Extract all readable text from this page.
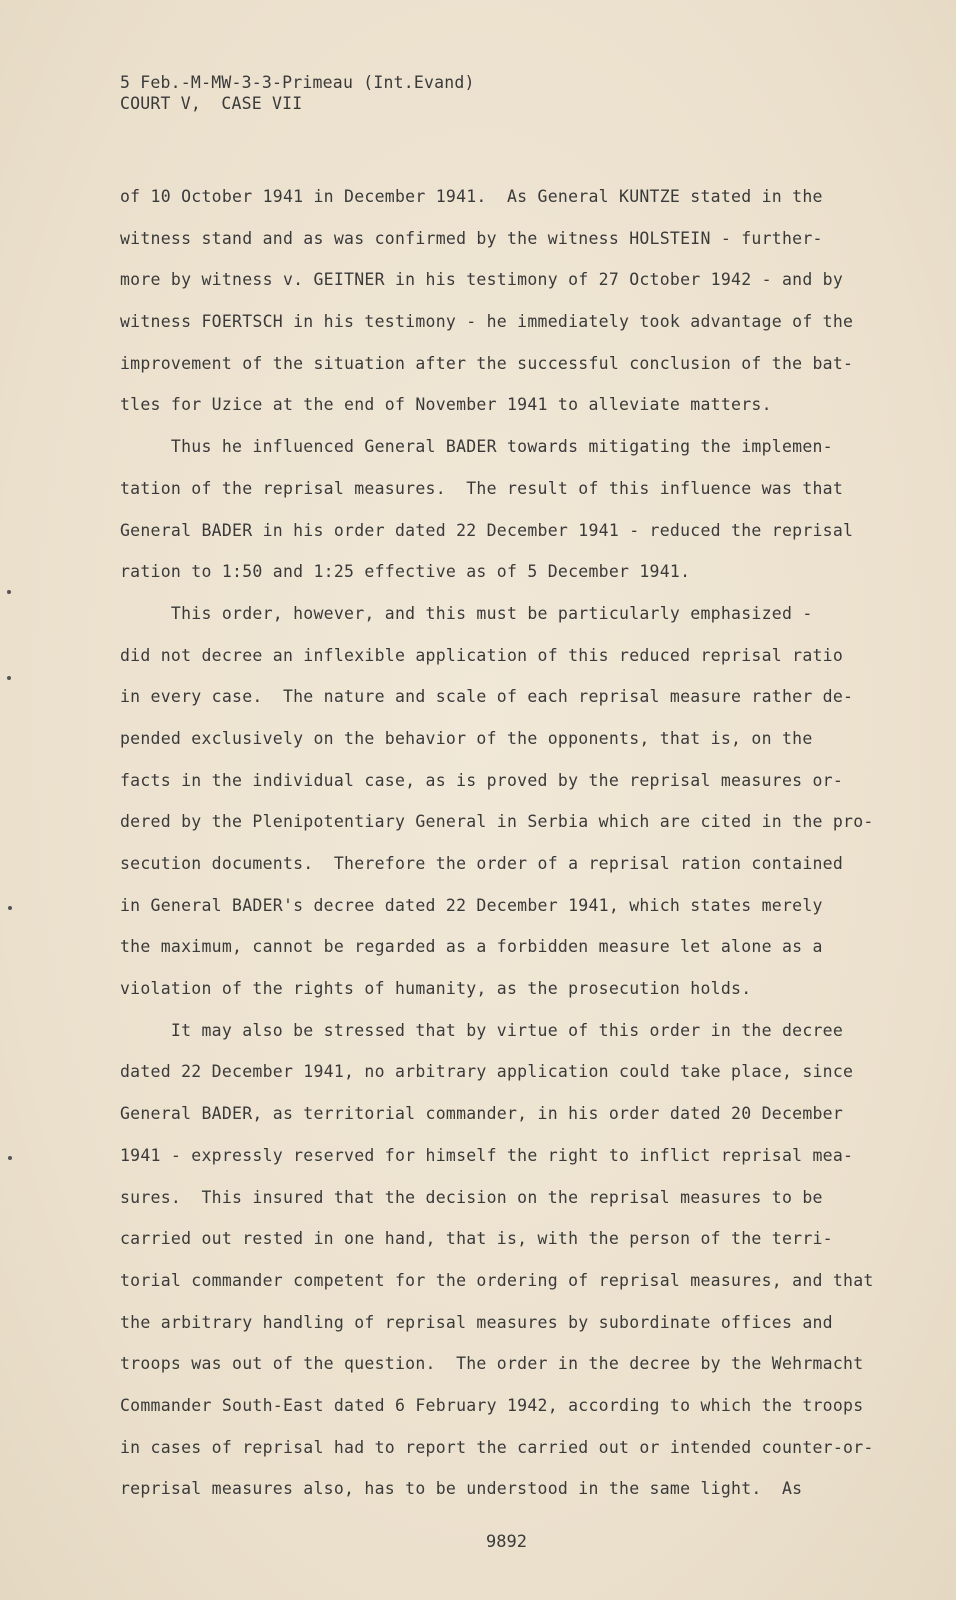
5 Feb.-M-MW-3-3-Primeau (Int.Evand)
COURT V,  CASE VII
of 10 October 1941 in December 1941.  As General KUNTZE stated in the
witness stand and as was confirmed by the witness HOLSTEIN - further-
more by witness v. GEITNER in his testimony of 27 October 1942 - and by
witness FOERTSCH in his testimony - he immediately took advantage of the
improvement of the situation after the successful conclusion of the bat-
tles for Uzice at the end of November 1941 to alleviate matters.
Thus he influenced General BADER towards mitigating the implemen-
tation of the reprisal measures.  The result of this influence was that
General BADER in his order dated 22 December 1941 - reduced the reprisal
ration to 1:50 and 1:25 effective as of 5 December 1941.
This order, however, and this must be particularly emphasized -
did not decree an inflexible application of this reduced reprisal ratio
in every case.  The nature and scale of each reprisal measure rather de-
pended exclusively on the behavior of the opponents, that is, on the
facts in the individual case, as is proved by the reprisal measures or-
dered by the Plenipotentiary General in Serbia which are cited in the pro-
secution documents.  Therefore the order of a reprisal ration contained
in General BADER's decree dated 22 December 1941, which states merely
the maximum, cannot be regarded as a forbidden measure let alone as a
violation of the rights of humanity, as the prosecution holds.
It may also be stressed that by virtue of this order in the decree
dated 22 December 1941, no arbitrary application could take place, since
General BADER, as territorial commander, in his order dated 20 December
1941 - expressly reserved for himself the right to inflict reprisal mea-
sures.  This insured that the decision on the reprisal measures to be
carried out rested in one hand, that is, with the person of the terri-
torial commander competent for the ordering of reprisal measures, and that
the arbitrary handling of reprisal measures by subordinate offices and
troops was out of the question.  The order in the decree by the Wehrmacht
Commander South-East dated 6 February 1942, according to which the troops
in cases of reprisal had to report the carried out or intended counter-or-
reprisal measures also, has to be understood in the same light.  As
9892
